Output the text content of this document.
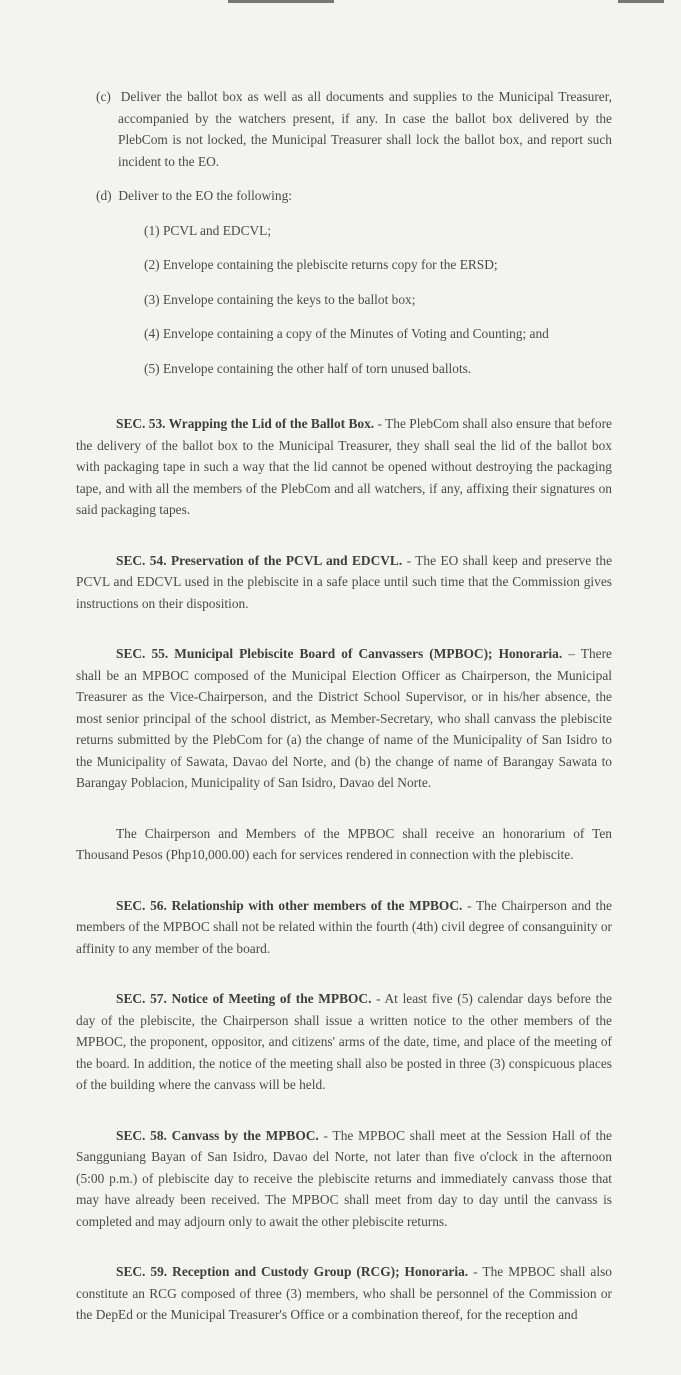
(c) Deliver the ballot box as well as all documents and supplies to the Municipal Treasurer, accompanied by the watchers present, if any. In case the ballot box delivered by the PlebCom is not locked, the Municipal Treasurer shall lock the ballot box, and report such incident to the EO.

(d) Deliver to the EO the following:

(1) PCVL and EDCVL;
(2) Envelope containing the plebiscite returns copy for the ERSD;
(3) Envelope containing the keys to the ballot box;
(4) Envelope containing a copy of the Minutes of Voting and Counting; and
(5) Envelope containing the other half of torn unused ballots.

SEC. 53. Wrapping the Lid of the Ballot Box. - The PlebCom shall also ensure that before the delivery of the ballot box to the Municipal Treasurer, they shall seal the lid of the ballot box with packaging tape in such a way that the lid cannot be opened without destroying the packaging tape, and with all the members of the PlebCom and all watchers, if any, affixing their signatures on said packaging tapes.

SEC. 54. Preservation of the PCVL and EDCVL. - The EO shall keep and preserve the PCVL and EDCVL used in the plebiscite in a safe place until such time that the Commission gives instructions on their disposition.

SEC. 55. Municipal Plebiscite Board of Canvassers (MPBOC); Honoraria. – There shall be an MPBOC composed of the Municipal Election Officer as Chairperson, the Municipal Treasurer as the Vice-Chairperson, and the District School Supervisor, or in his/her absence, the most senior principal of the school district, as Member-Secretary, who shall canvass the plebiscite returns submitted by the PlebCom for (a) the change of name of the Municipality of San Isidro to the Municipality of Sawata, Davao del Norte, and (b) the change of name of Barangay Sawata to Barangay Poblacion, Municipality of San Isidro, Davao del Norte.

The Chairperson and Members of the MPBOC shall receive an honorarium of Ten Thousand Pesos (Php10,000.00) each for services rendered in connection with the plebiscite.

SEC. 56. Relationship with other members of the MPBOC. - The Chairperson and the members of the MPBOC shall not be related within the fourth (4th) civil degree of consanguinity or affinity to any member of the board.

SEC. 57. Notice of Meeting of the MPBOC. - At least five (5) calendar days before the day of the plebiscite, the Chairperson shall issue a written notice to the other members of the MPBOC, the proponent, oppositor, and citizens' arms of the date, time, and place of the meeting of the board. In addition, the notice of the meeting shall also be posted in three (3) conspicuous places of the building where the canvass will be held.

SEC. 58. Canvass by the MPBOC. - The MPBOC shall meet at the Session Hall of the Sangguniang Bayan of San Isidro, Davao del Norte, not later than five o'clock in the afternoon (5:00 p.m.) of plebiscite day to receive the plebiscite returns and immediately canvass those that may have already been received. The MPBOC shall meet from day to day until the canvass is completed and may adjourn only to await the other plebiscite returns.

SEC. 59. Reception and Custody Group (RCG); Honoraria. - The MPBOC shall also constitute an RCG composed of three (3) members, who shall be personnel of the Commission or the DepEd or the Municipal Treasurer's Office or a combination thereof, for the reception and
